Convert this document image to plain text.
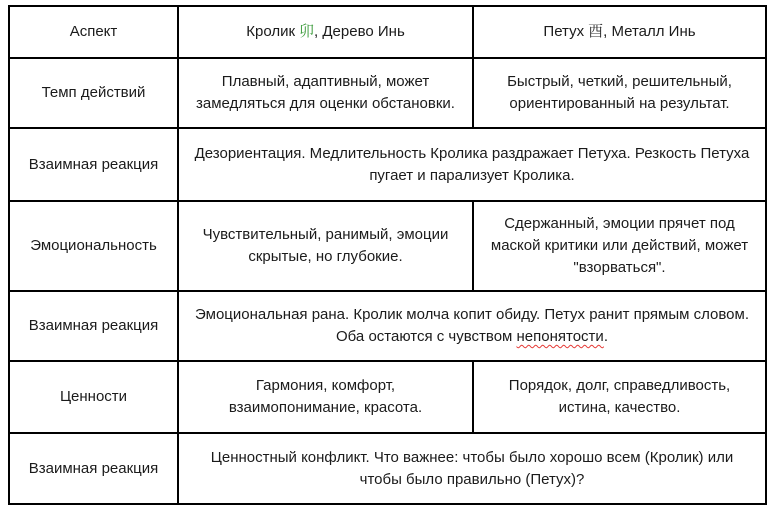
Аспект	Кролик 卯, Дерево Инь	Петух 酉, Металл Инь
Темп действий	Плавный, адаптивный, может замедляться для оценки обстановки.	Быстрый, четкий, решительный, ориентированный на результат.
Взаимная реакция	Дезориентация. Медлительность Кролика раздражает Петуха. Резкость Петуха пугает и парализует Кролика.	
Эмоциональность	Чувствительный, ранимый, эмоции скрытые, но глубокие.	Сдержанный, эмоции прячет под маской критики или действий, может "взорваться".
Взаимная реакция	Эмоциональная рана. Кролик молча копит обиду. Петух ранит прямым словом. Оба остаются с чувством непонятости.	
Ценности	Гармония, комфорт, взаимопонимание, красота.	Порядок, долг, справедливость, истина, качество.
Взаимная реакция	Ценностный конфликт. Что важнее: чтобы было хорошо всем (Кролик) или чтобы было правильно (Петух)?	
